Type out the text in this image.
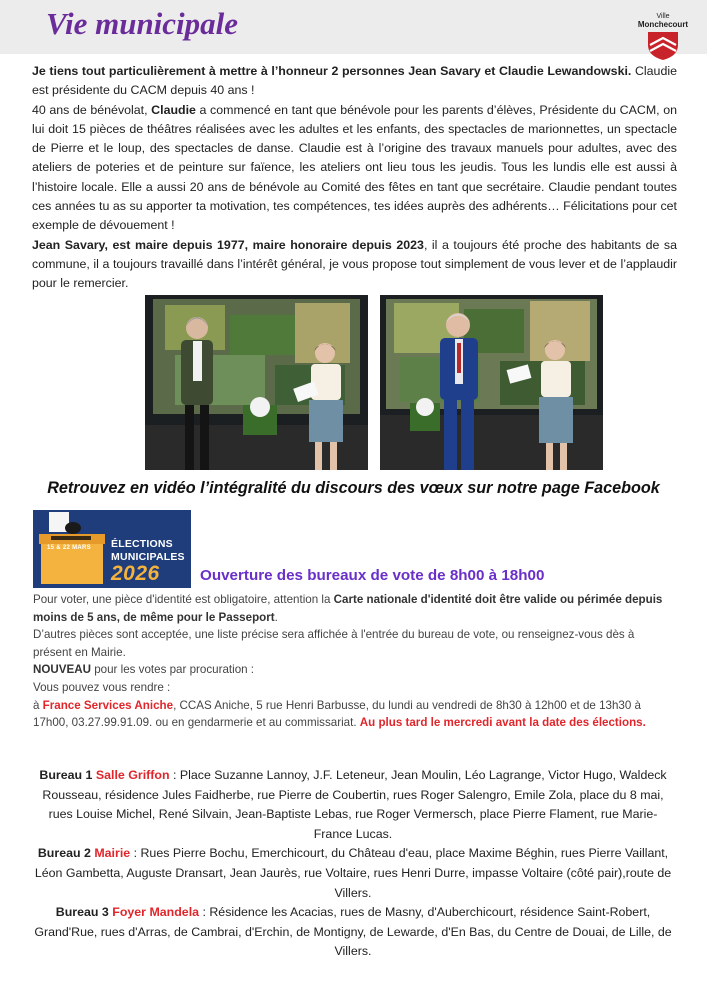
Vie municipale	Ville Monchecourt

Je tiens tout particulièrement à mettre à l’honneur 2 personnes Jean Savary et Claudie Lewandowski. Claudie est présidente du CACM depuis 40 ans !

40 ans de bénévolat, Claudie a commencé en tant que bénévole pour les parents d’élèves, Présidente du CACM, on lui doit 15 pièces de théâtres réalisées avec les adultes et les enfants, des spectacles de marionnettes, un spectacle de Pierre et le loup, des spectacles de danse. Claudie est à l’origine des travaux manuels pour adultes, avec des ateliers de poteries et de peinture sur faïence, les ateliers ont lieu tous les jeudis. Tous les lundis elle est aussi à l’histoire locale. Elle a aussi 20 ans de bénévole au Comité des fêtes en tant que secrétaire. Claudie pendant toutes ces années tu as su apporter ta motivation, tes compétences, tes idées auprès des adhérents… Félicitations pour cet exemple de dévouement !

Jean Savary, est maire depuis 1977, maire honoraire depuis 2023, il a toujours été proche des habitants de sa commune, il a toujours travaillé dans l’intérêt général, je vous propose tout simplement de vous lever et de l’applaudir pour le remercier.

Retrouvez en vidéo l’intégralité du discours des vœux sur notre page Facebook

15 & 22 MARS ÉLECTIONS
MUNICIPALES
2026	Ouverture des bureaux de vote de 8h00 à 18h00

Pour voter, une pièce d'identité est obligatoire, attention la Carte nationale d'identité doit être valide ou périmée depuis moins de 5 ans, de même pour le Passeport.

D’autres pièces sont acceptée, une liste précise sera affichée à l'entrée du bureau de vote, ou renseignez-vous dès à présent en Mairie.

NOUVEAU pour les votes par procuration :

Vous pouvez vous rendre :

à France Services Aniche, CCAS Aniche, 5 rue Henri Barbusse, du lundi au vendredi de 8h30 à 12h00 et de 13h30 à 17h00, 03.27.99.91.09. ou en gendarmerie et au commissariat. Au plus tard le mercredi avant la date des élections.

Bureau 1 Salle Griffon : Place Suzanne Lannoy, J.F. Leteneur, Jean Moulin, Léo Lagrange, Victor Hugo, Waldeck Rousseau, résidence Jules Faidherbe, rue Pierre de Coubertin, rues Roger Salengro, Emile Zola, place du 8 mai, rues Louise Michel, René Silvain, Jean-Baptiste Lebas, rue Roger Vermersch, place Pierre Flament, rue Marie-France Lucas.

Bureau 2 Mairie : Rues Pierre Bochu, Emerchicourt, du Château d'eau, place Maxime Béghin, rues Pierre Vaillant, Léon Gambetta, Auguste Dransart, Jean Jaurès, rue Voltaire, rues Henri Durre, impasse Voltaire (côté pair),route de Villers.

Bureau 3 Foyer Mandela : Résidence les Acacias, rues de Masny, d'Auberchicourt, résidence Saint-Robert, Grand'Rue, rues d'Arras, de Cambrai, d'Erchin, de Montigny, de Lewarde, d'En Bas, du Centre de Douai, de Lille, de Villers.
